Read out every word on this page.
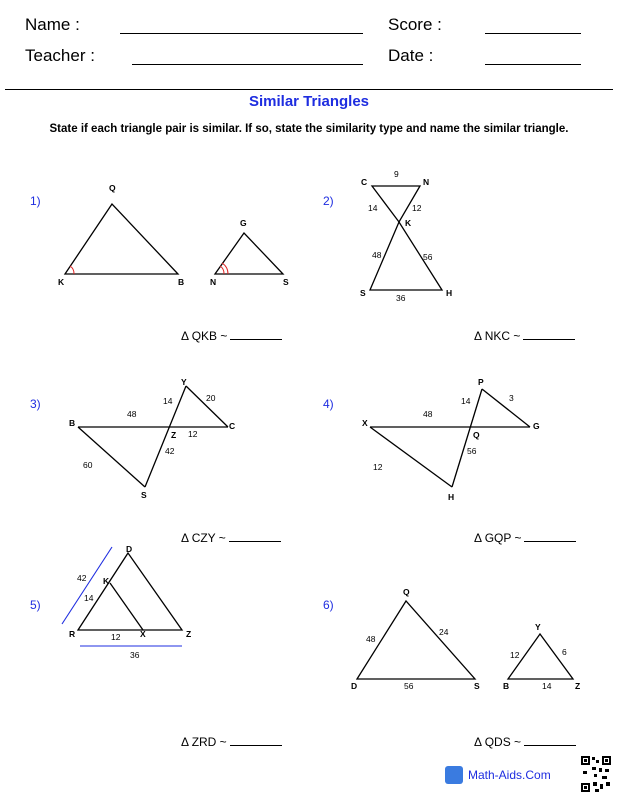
Name :	Score :
Teacher :	Date :
Similar Triangles
State if each triangle pair is similar. If so, state the similarity type and name the similar triangle.
1)	2)
3)	4)
5)	6)
Δ QKB ~	Δ NKC ~
Δ CZY ~	Δ GQP ~
Δ ZRD ~	Δ QDS ~
Q
K	B
G
N	S
C	N
K
S	H
9
14	12
48	56
36
Y
B
Z
C
S
48
14	20
12
42
60
P
X
Q
G
H
48
14	3
56
12
D
K
R	X	Z
42
14
12
36
Q
D	S
Y
B	Z
48
24
56
12	6
14
Math-Aids.Com
